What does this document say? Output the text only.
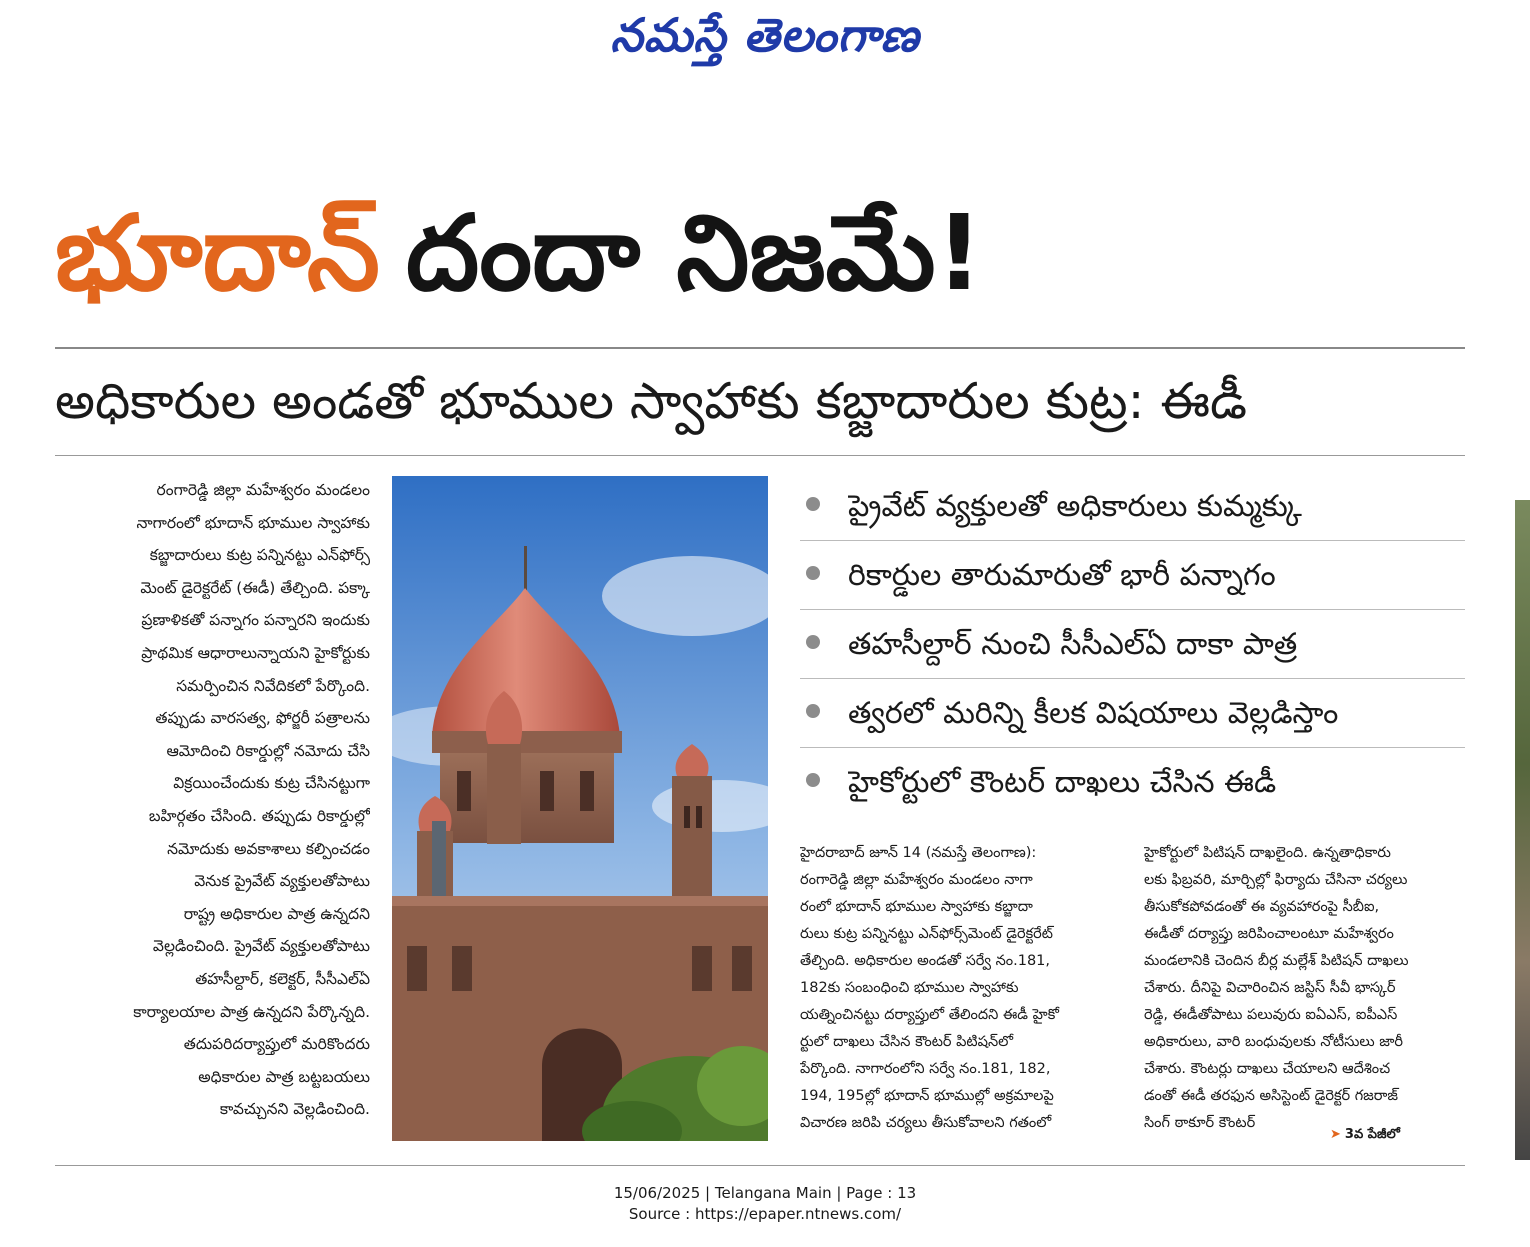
నమస్తే తెలంగాణ
భూదాన్ దందా నిజమే!
అధికారుల అండతో భూముల స్వాహాకు కబ్జాదారుల కుట్ర: ఈడీ

రంగారెడ్డి జిల్లా మహేశ్వరం మండలం

నాగారంలో భూదాన్ భూముల స్వాహాకు

కబ్జాదారులు కుట్ర పన్నినట్టు ఎన్‌ఫోర్స్

మెంట్ డైరెక్టరేట్ (ఈడీ) తేల్చింది. పక్కా

ప్రణాళికతో పన్నాగం పన్నారని ఇందుకు

ప్రాథమిక ఆధారాలున్నాయని హైకోర్టుకు

సమర్పించిన నివేదికలో పేర్కొంది.

తప్పుడు వారసత్వ, ఫోర్జరీ పత్రాలను

ఆమోదించి రికార్డుల్లో నమోదు చేసి

విక్రయించేందుకు కుట్ర చేసినట్టుగా

బహిర్గతం చేసింది. తప్పుడు రికార్డుల్లో

నమోదుకు అవకాశాలు కల్పించడం

వెనుక ప్రైవేట్ వ్యక్తులతోపాటు

రాష్ట్ర అధికారుల పాత్ర ఉన్నదని

వెల్లడించింది. ప్రైవేట్ వ్యక్తులతోపాటు

తహసీల్దార్, కలెక్టర్, సీసీఎల్ఏ

కార్యాలయాల పాత్ర ఉన్నదని పేర్కొన్నది.

తదుపరిదర్యాప్తులో మరికొందరు

అధికారుల పాత్ర బట్టబయలు

కావచ్చునని వెల్లడించింది.

ప్రైవేట్ వ్యక్తులతో అధికారులు కుమ్మక్కు
రికార్డుల తారుమారుతో భారీ పన్నాగం
తహసీల్దార్ నుంచి సీసీఎల్ఏ దాకా పాత్ర
త్వరలో మరిన్ని కీలక విషయాలు వెల్లడిస్తాం
హైకోర్టులో కౌంటర్ దాఖలు చేసిన ఈడీ

హైదరాబాద్ జూన్ 14 (నమస్తే తెలంగాణ):

రంగారెడ్డి జిల్లా మహేశ్వరం మండలం నాగా

రంలో భూదాన్ భూముల స్వాహాకు కబ్జాదా

రులు కుట్ర పన్నినట్టు ఎన్‌ఫోర్స్‌మెంట్ డైరెక్టరేట్

తేల్చింది. అధికారుల అండతో సర్వే నం.181,

182కు సంబంధించి భూముల స్వాహాకు

యత్నించినట్టు దర్యాప్తులో తేలిందని ఈడీ హైకో

ర్టులో దాఖలు చేసిన కౌంటర్ పిటిషన్‌లో

పేర్కొంది. నాగారంలోని సర్వే నం.181, 182,

194, 195ల్లో భూదాన్ భూముల్లో అక్రమాలపై

విచారణ జరిపి చర్యలు తీసుకోవాలని గతంలో

హైకోర్టులో పిటిషన్ దాఖలైంది. ఉన్నతాధికారు

లకు ఫిబ్రవరి, మార్చిల్లో ఫిర్యాదు చేసినా చర్యలు

తీసుకోకపోవడంతో ఈ వ్యవహారంపై సీబీఐ,

ఈడీతో దర్యాప్తు జరిపించాలంటూ మహేశ్వరం

మండలానికి చెందిన బీర్ల మల్లేశ్ పిటిషన్ దాఖలు

చేశారు. దీనిపై విచారించిన జస్టిస్ సీవీ భాస్కర్

రెడ్డి, ఈడీతోపాటు పలువురు ఐఏఎస్, ఐపీఎస్

అధికారులు, వారి బంధువులకు నోటీసులు జారీ

చేశారు. కౌంటర్లు దాఖలు చేయాలని ఆదేశించ

డంతో ఈడీ తరఫున అసిస్టెంట్ డైరెక్టర్ గజరాజ్

సింగ్ ఠాకూర్ కౌంటర్

➤ 3వ పేజీలో
15/06/2025 | Telangana Main | Page : 13
Source : https://epaper.ntnews.com/
